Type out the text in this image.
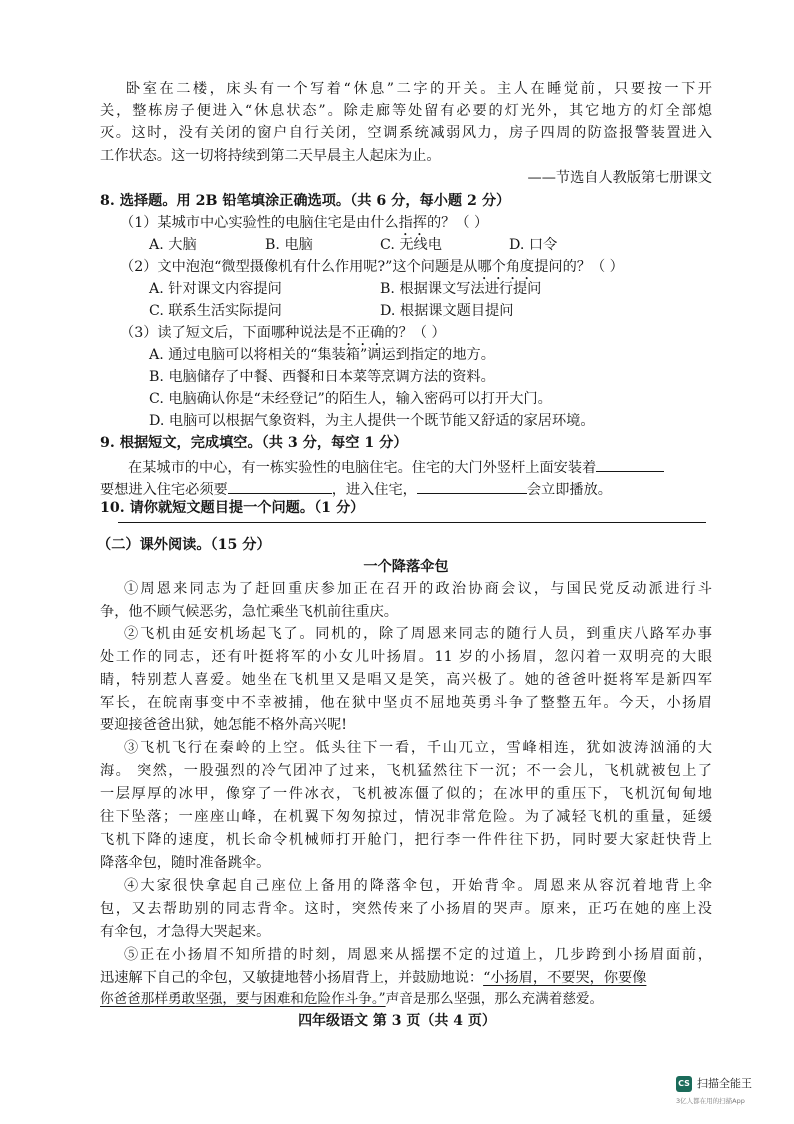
卧室在二楼，床头有一个写着“休息”二字的开关。主人在睡觉前，只要按一下开
关，整栋房子便进入“休息状态”。除走廊等处留有必要的灯光外，其它地方的灯全部熄
灭。这时，没有关闭的窗户自行关闭，空调系统减弱风力，房子四周的防盗报警装置进入
工作状态。这一切将持续到第二天早晨主人起床为止。
——节选自人教版第七册课文
8. 选择题。用 2B 铅笔填涂正确选项。（共 6 分，每小题 2 分）
（1）某城市中心实验性的电脑住宅是由什么指挥的？（ ）
A. 大脑	B. 电脑	C. 无线电	D. 口令
（2）文中泡泡“微型摄像机有什么作用呢?”这个问题是从哪个角度提问的？（ ）
A. 针对课文内容提问	B. 根据课文写法进行提问
C. 联系生活实际提问	D. 根据课文题目提问
（3）读了短文后，下面哪种说法是不正确的？（ ）
A. 通过电脑可以将相关的“集装箱”调运到指定的地方。
B. 电脑储存了中餐、西餐和日本菜等烹调方法的资料。
C. 电脑确认你是“未经登记”的陌生人，输入密码可以打开大门。
D. 电脑可以根据气象资料，为主人提供一个既节能又舒适的家居环境。
9. 根据短文，完成填空。（共 3 分，每空 1 分）
在某城市的中心，有一栋实验性的电脑住宅。住宅的大门外竖杆上面安装着
要想进入住宅必须要	，进入住宅，	会立即播放。
10. 请你就短文题目提一个问题。（1 分）
（二）课外阅读。（15 分）
一个降落伞包
①周恩来同志为了赶回重庆参加正在召开的政治协商会议，与国民党反动派进行斗
争，他不顾气候恶劣，急忙乘坐飞机前往重庆。
②飞机由延安机场起飞了。同机的，除了周恩来同志的随行人员，到重庆八路军办事
处工作的同志，还有叶挺将军的小女儿叶扬眉。11 岁的小扬眉，忽闪着一双明亮的大眼
睛，特别惹人喜爱。她坐在飞机里又是唱又是笑，高兴极了。她的爸爸叶挺将军是新四军
军长，在皖南事变中不幸被捕，他在狱中坚贞不屈地英勇斗争了整整五年。今天，小扬眉
要迎接爸爸出狱，她怎能不格外高兴呢!
③飞机飞行在秦岭的上空。低头往下一看，千山兀立，雪峰相连，犹如波涛汹涌的大
海。 突然，一股强烈的冷气团冲了过来，飞机猛然往下一沉；不一会儿，飞机就被包上了
一层厚厚的冰甲，像穿了一件冰衣，飞机被冻僵了似的；在冰甲的重压下，飞机沉甸甸地
往下坠落；一座座山峰，在机翼下匆匆掠过，情况非常危险。为了减轻飞机的重量，延缓
飞机下降的速度，机长命令机械师打开舱门，把行李一件件往下扔，同时要大家赶快背上
降落伞包，随时准备跳伞。
④大家很快拿起自己座位上备用的降落伞包，开始背伞。周恩来从容沉着地背上伞
包，又去帮助别的同志背伞。这时，突然传来了小扬眉的哭声。原来，正巧在她的座上没
有伞包，才急得大哭起来。
⑤正在小扬眉不知所措的时刻，周恩来从摇摆不定的过道上，几步跨到小扬眉面前，
迅速解下自己的伞包，又敏捷地替小扬眉背上，并鼓励地说：“小扬眉，不要哭，你要像
你爸爸那样勇敢坚强，要与困难和危险作斗争。”声音是那么坚强，那么充满着慈爱。
四年级语文 第 3 页（共 4 页）
CS 扫描全能王
3亿人都在用的扫描App
